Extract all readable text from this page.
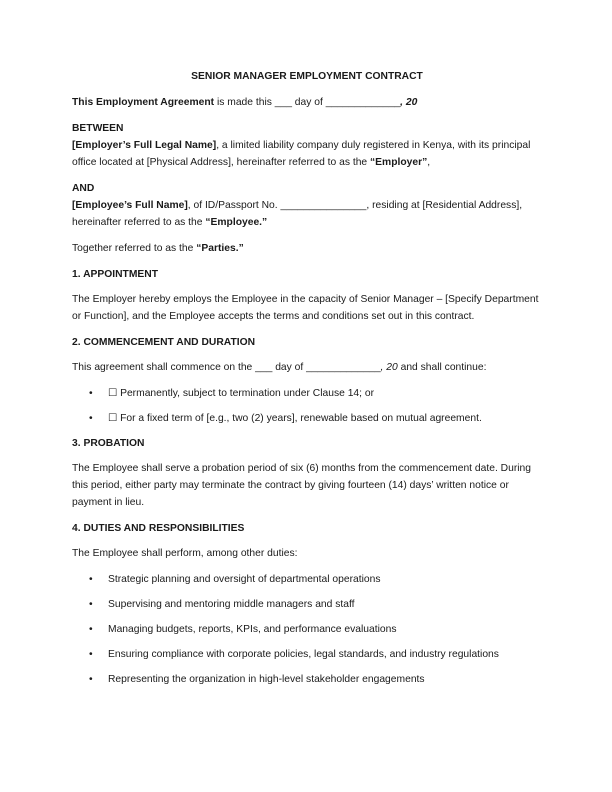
SENIOR MANAGER EMPLOYMENT CONTRACT
This Employment Agreement is made this ___ day of _____________, 20
BETWEEN
[Employer’s Full Legal Name], a limited liability company duly registered in Kenya, with its principal office located at [Physical Address], hereinafter referred to as the “Employer”,
AND
[Employee’s Full Name], of ID/Passport No. _______________, residing at [Residential Address], hereinafter referred to as the “Employee.”
Together referred to as the “Parties.”
1. APPOINTMENT
The Employer hereby employs the Employee in the capacity of Senior Manager – [Specify Department or Function], and the Employee accepts the terms and conditions set out in this contract.
2. COMMENCEMENT AND DURATION
This agreement shall commence on the ___ day of _____________, 20 and shall continue:
• ☐ Permanently, subject to termination under Clause 14; or
• ☐ For a fixed term of [e.g., two (2) years], renewable based on mutual agreement.
3. PROBATION
The Employee shall serve a probation period of six (6) months from the commencement date. During this period, either party may terminate the contract by giving fourteen (14) days’ written notice or payment in lieu.
4. DUTIES AND RESPONSIBILITIES
The Employee shall perform, among other duties:
• Strategic planning and oversight of departmental operations
• Supervising and mentoring middle managers and staff
• Managing budgets, reports, KPIs, and performance evaluations
• Ensuring compliance with corporate policies, legal standards, and industry regulations
• Representing the organization in high-level stakeholder engagements
